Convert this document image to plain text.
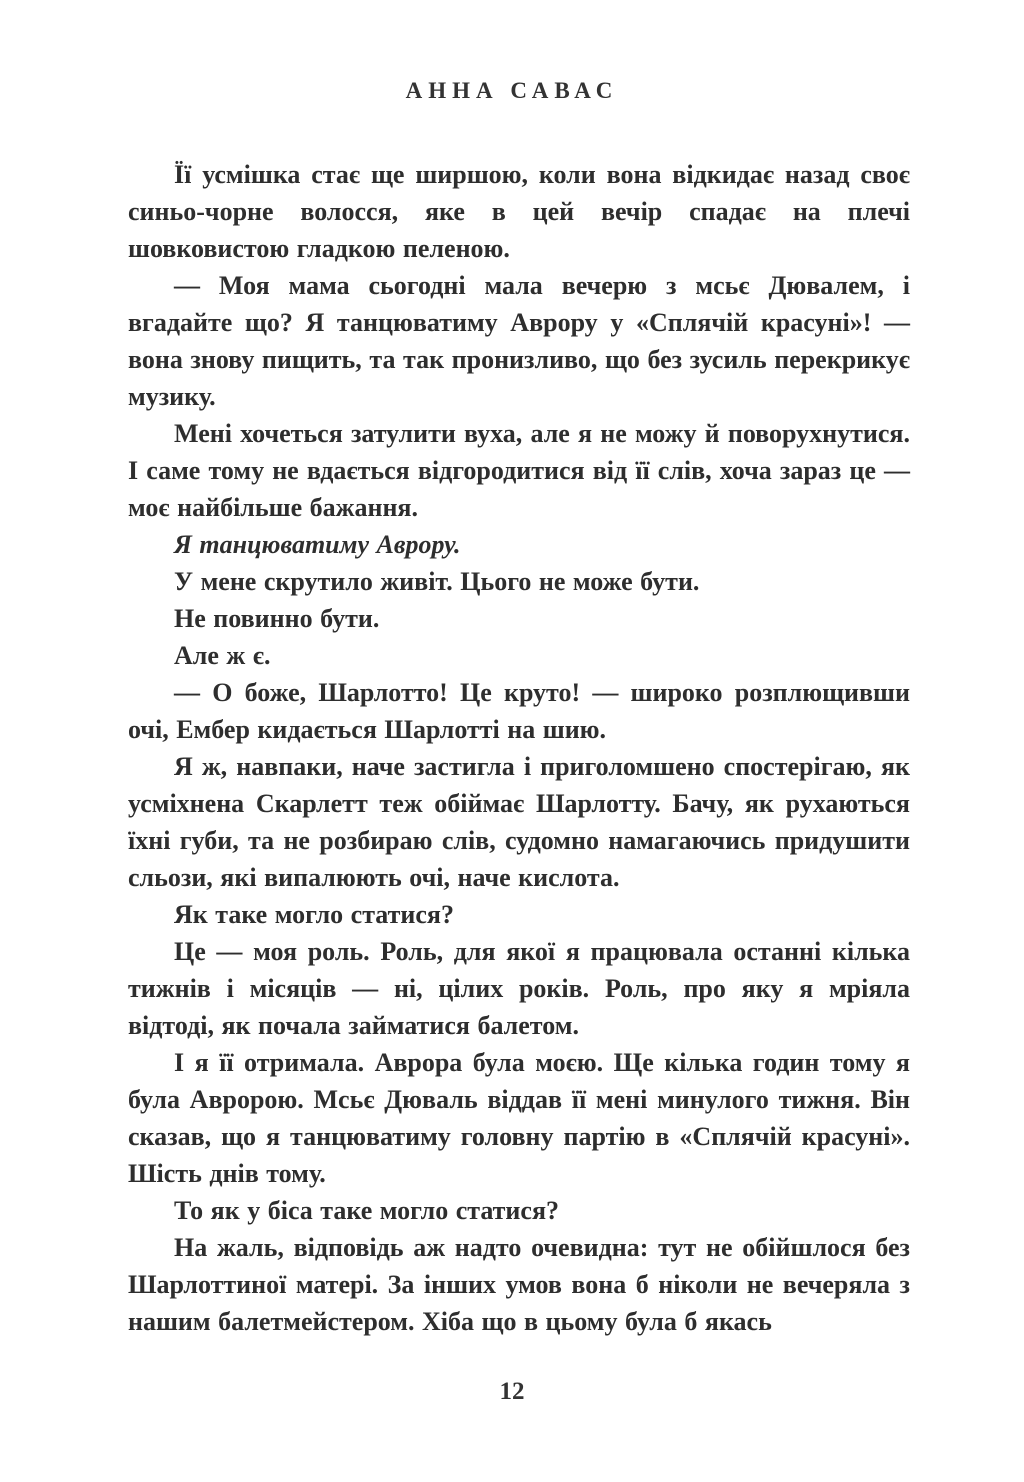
АННА САВАС

Її усмішка стає ще ширшою, коли вона відкидає назад своє синьо-чорне волосся, яке в цей вечір спадає на плечі шовковистою гладкою пеленою.

— Моя мама сьогодні мала вечерю з мсьє Дювалем, і вгадайте що? Я танцюватиму Аврору у «Сплячій красуні»! — вона знову пищить, та так пронизливо, що без зусиль перекрикує музику.

Мені хочеться затулити вуха, але я не можу й поворухнутися. І саме тому не вдається відгородитися від її слів, хоча зараз це — моє найбільше бажання.

Я танцюватиму Аврору.

У мене скрутило живіт. Цього не може бути.

Не повинно бути.

Але ж є.

— О боже, Шарлотто! Це круто! — широко розплющивши очі, Ембер кидається Шарлотті на шию.

Я ж, навпаки, наче застигла і приголомшено спостерігаю, як усміхнена Скарлетт теж обіймає Шарлотту. Бачу, як рухаються їхні губи, та не розбираю слів, судомно намагаючись придушити сльози, які випалюють очі, наче кислота.

Як таке могло статися?

Це — моя роль. Роль, для якої я працювала останні кілька тижнів і місяців — ні, цілих років. Роль, про яку я мріяла відтоді, як почала займатися балетом.

І я її отримала. Аврора була моєю. Ще кілька годин тому я була Авророю. Мсьє Дюваль віддав її мені минулого тижня. Він сказав, що я танцюватиму головну партію в «Сплячій красуні». Шість днів тому.

То як у біса таке могло статися?

На жаль, відповідь аж надто очевидна: тут не обійшлося без Шарлоттиної матері. За інших умов вона б ніколи не вечеряла з нашим балетмейстером. Хіба що в цьому була б якась

12
